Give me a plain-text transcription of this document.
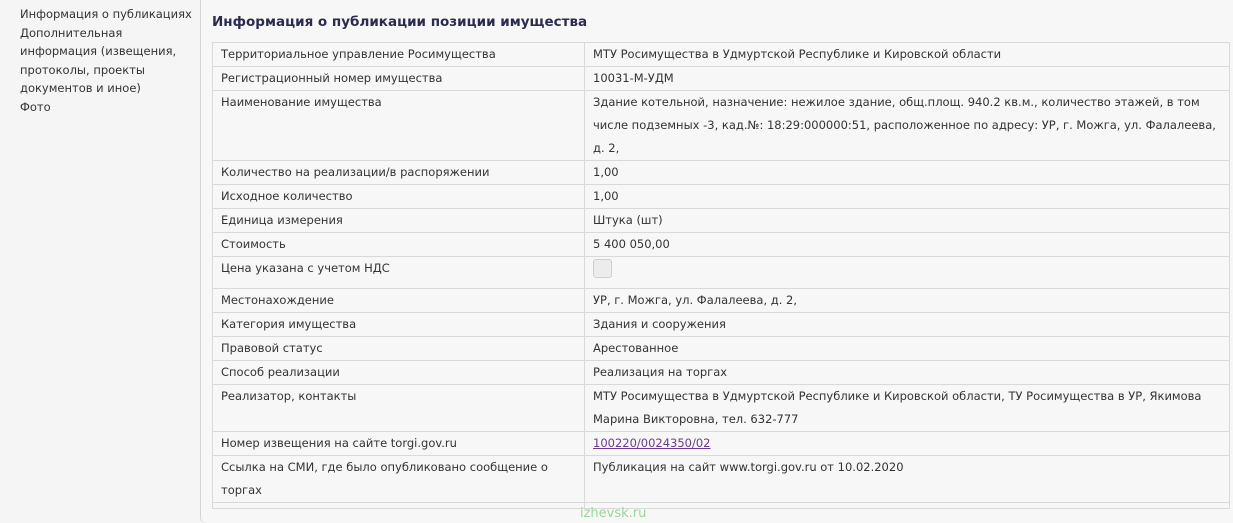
Информация о публикациях
Дополнительная информация (извещения, протоколы, проекты документов и иное)
Фото
Информация о публикации позиции имущества
Территориальное управление Росимущества	МТУ Росимущества в Удмуртской Республике и Кировской области
Регистрационный номер имущества	10031-М-УДМ
Наименование имущества	Здание котельной, назначение: нежилое здание, общ.площ. 940.2 кв.м., количество этажей, в том числе подземных -3, кад.№: 18:29:000000:51, расположенное по адресу: УР, г. Можга, ул. Фалалеева, д. 2,
Количество на реализации/в распоряжении	1,00
Исходное количество	1,00
Единица измерения	Штука (шт)
Стоимость	5 400 050,00
Цена указана с учетом НДС	
Местонахождение	УР, г. Можга, ул. Фалалеева, д. 2,
Категория имущества	Здания и сооружения
Правовой статус	Арестованное
Способ реализации	Реализация на торгах
Реализатор, контакты	МТУ Росимущества в Удмуртской Республике и Кировской области, ТУ Росимущества в УР, Якимова Марина Викторовна, тел. 632-777
Номер извещения на сайте torgi.gov.ru	100220/0024350/02
Ссылка на СМИ, где было опубликовано сообщение о торгах	Публикация на сайт www.torgi.gov.ru от 10.02.2020

izhevsk.ru
